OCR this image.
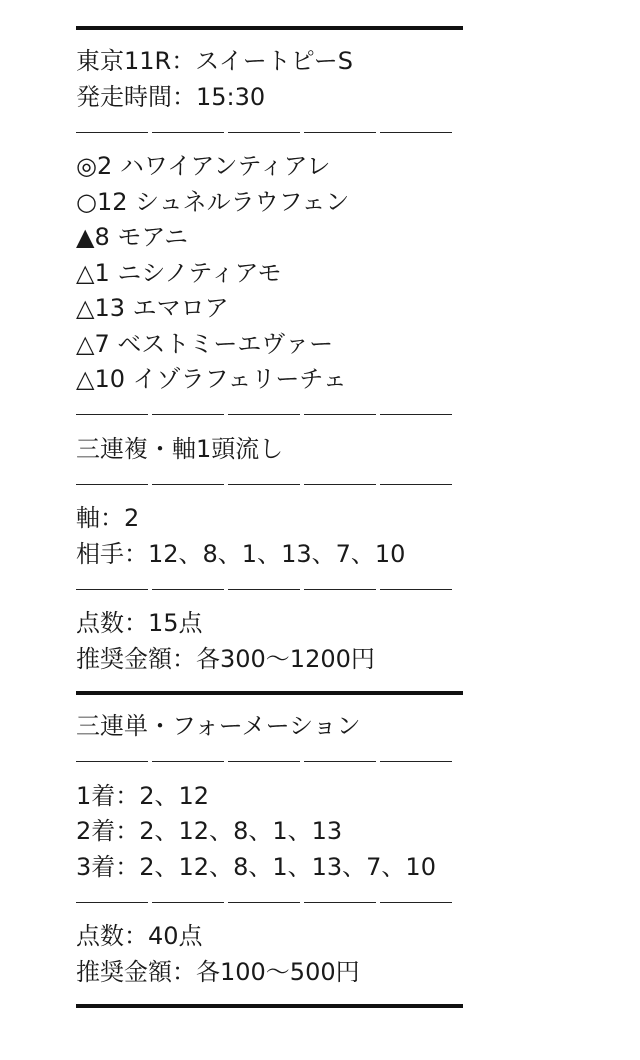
東京11R：スイートピーS
発走時間：15:30
◎2 ハワイアンティアレ
○12 シュネルラウフェン
▲8 モアニ
△1 ニシノティアモ
△13 エマロア
△7 ベストミーエヴァー
△10 イゾラフェリーチェ
三連複・軸1頭流し
軸：2
相手：12、8、1、13、7、10
点数：15点
推奨金額：各300〜1200円
三連単・フォーメーション
1着：2、12
2着：2、12、8、1、13
3着：2、12、8、1、13、7、10
点数：40点
推奨金額：各100〜500円
